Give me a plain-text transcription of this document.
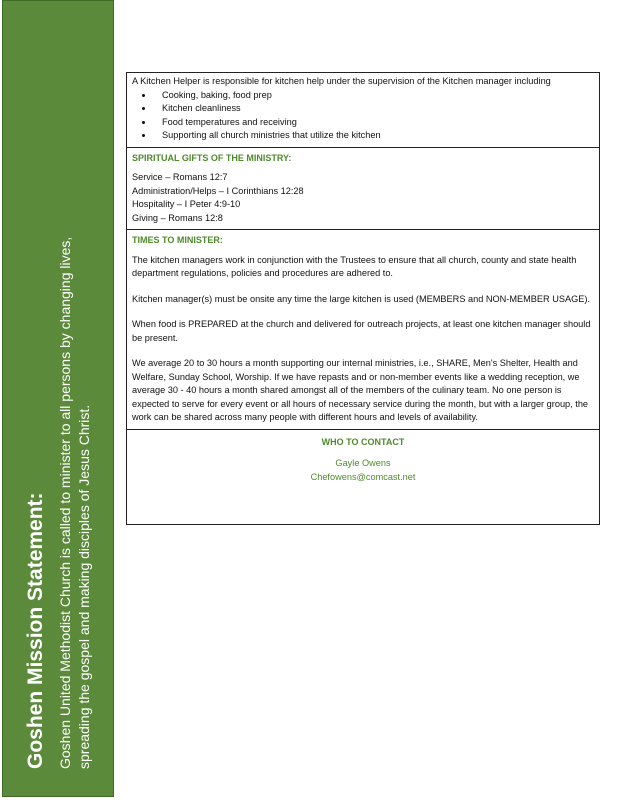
Goshen Mission Statement: Goshen United Methodist Church is called to minister to all persons by changing lives, spreading the gospel and making disciples of Jesus Christ.

A Kitchen Helper is responsible for kitchen help under the supervision of the Kitchen manager including

• Cooking, baking, food prep
• Kitchen cleanliness
• Food temperatures and receiving
• Supporting all church ministries that utilize the kitchen
SPIRITUAL GIFTS OF THE MINISTRY:

Service – Romans 12:7

Administration/Helps – I Corinthians 12:28

Hospitality – I Peter 4:9-10

Giving – Romans 12:8

TIMES TO MINISTER:

The kitchen managers work in conjunction with the Trustees to ensure that all church, county and state health department regulations, policies and procedures are adhered to.

Kitchen manager(s) must be onsite any time the large kitchen is used (MEMBERS and NON-MEMBER USAGE).

When food is PREPARED at the church and delivered for outreach projects, at least one kitchen manager should be present.

We average 20 to 30 hours a month supporting our internal ministries, i.e., SHARE, Men's Shelter, Health and Welfare, Sunday School, Worship. If we have repasts and or non-member events like a wedding reception, we average 30 - 40 hours a month shared amongst all of the members of the culinary team. No one person is expected to serve for every event or all hours of necessary service during the month, but with a larger group, the work can be shared across many people with different hours and levels of availability.

WHO TO CONTACT
Gayle Owens
Chefowens@comcast.net
